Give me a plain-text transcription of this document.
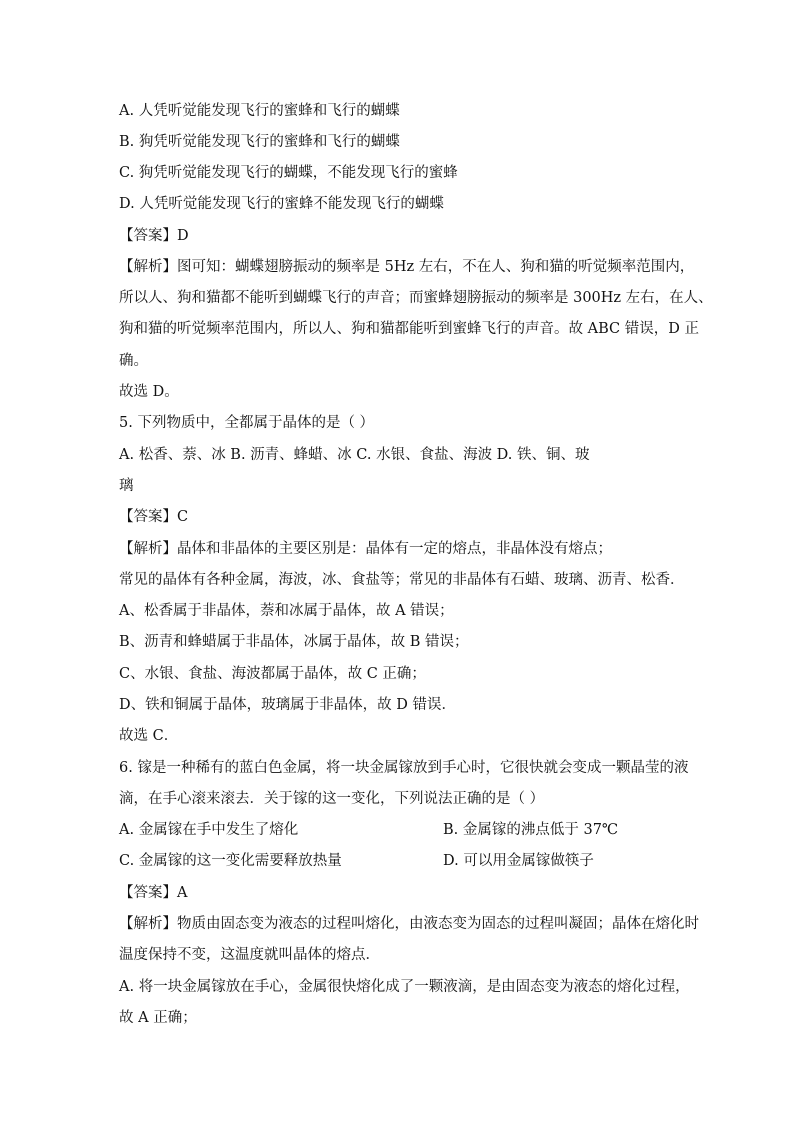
A. 人凭听觉能发现飞行的蜜蜂和飞行的蝴蝶
B. 狗凭听觉能发现飞行的蜜蜂和飞行的蝴蝶
C. 狗凭听觉能发现飞行的蝴蝶，不能发现飞行的蜜蜂
D. 人凭听觉能发现飞行的蜜蜂不能发现飞行的蝴蝶
【答案】D
【解析】图可知：蝴蝶翅膀振动的频率是 5Hz 左右，不在人、狗和猫的听觉频率范围内，
所以人、狗和猫都不能听到蝴蝶飞行的声音；而蜜蜂翅膀振动的频率是 300Hz 左右，在人、
狗和猫的听觉频率范围内，所以人、狗和猫都能听到蜜蜂飞行的声音。故 ABC 错误，D 正
确。
故选 D。
5. 下列物质中，全都属于晶体的是（ ）
A. 松香、萘、冰 B. 沥青、蜂蜡、冰 C. 水银、食盐、海波 D. 铁、铜、玻
璃
【答案】C
【解析】晶体和非晶体的主要区别是：晶体有一定的熔点，非晶体没有熔点；
常见的晶体有各种金属，海波，冰、食盐等；常见的非晶体有石蜡、玻璃、沥青、松香．
A、松香属于非晶体，萘和冰属于晶体，故 A 错误；
B、沥青和蜂蜡属于非晶体，冰属于晶体，故 B 错误；
C、水银、食盐、海波都属于晶体，故 C 正确；
D、铁和铜属于晶体，玻璃属于非晶体，故 D 错误．
故选 C．
6. 镓是一种稀有的蓝白色金属，将一块金属镓放到手心时，它很快就会变成一颗晶莹的液
滴，在手心滚来滚去．关于镓的这一变化，下列说法正确的是（ ）
A. 金属镓在手中发生了熔化	B. 金属镓的沸点低于 37℃
C. 金属镓的这一变化需要释放热量	D. 可以用金属镓做筷子
【答案】A
【解析】物质由固态变为液态的过程叫熔化，由液态变为固态的过程叫凝固；晶体在熔化时
温度保持不变，这温度就叫晶体的熔点．
A. 将一块金属镓放在手心，金属很快熔化成了一颗液滴，是由固态变为液态的熔化过程，
故 A 正确；
